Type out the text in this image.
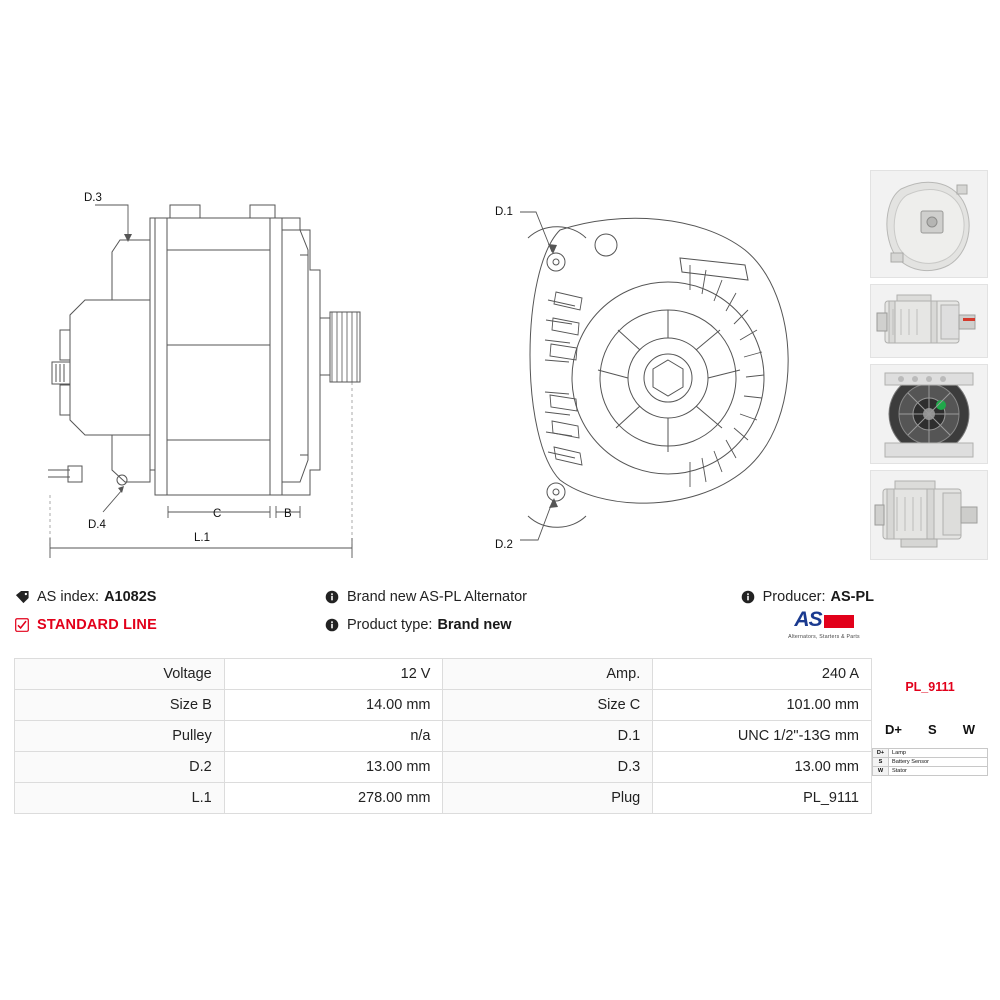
D.3
D.4
C	B
L.1
D.1
D.2
PL_9111
D+ S W
D+	Lamp
S	Battery Sensor
W	Stator
AS index: A1082S	Brand new AS-PL Alternator	Producer: AS-PL
STANDARD LINE	Product type: Brand new	AS
Alternators, Starters & Parts
Voltage	12 V	Amp.	240 A
Size B	14.00 mm	Size C	101.00 mm
Pulley	n/a	D.1	UNC 1/2"-13G mm
D.2	13.00 mm	D.3	13.00 mm
L.1	278.00 mm	Plug	PL_9111
